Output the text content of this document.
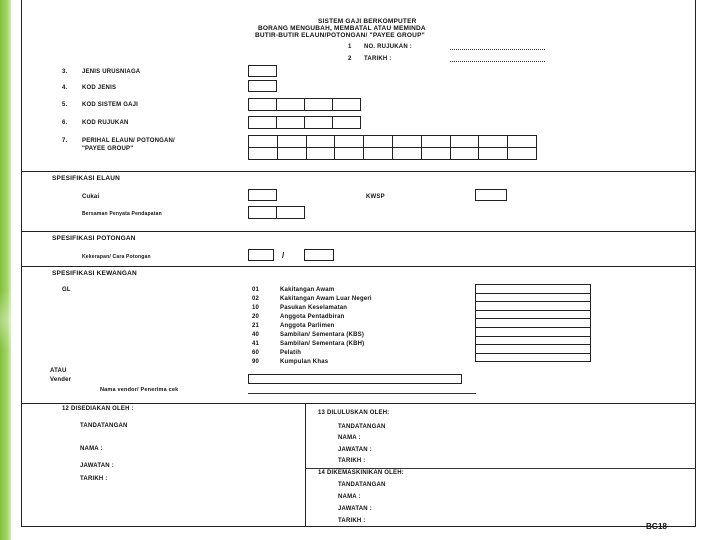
SISTEM GAJI BERKOMPUTER
BORANG MENGUBAH, MEMBATAL ATAU MEMINDA
BUTIR-BUTIR ELAUN/POTONGAN/ "PAYEE GROUP"
1 NO. RUJUKAN :
2 TARIKH :
3. JENIS URUSNIAGA
4. KOD JENIS
5. KOD SISTEM GAJI
6. KOD RUJUKAN
7. PERIHAL ELAUN/ POTONGAN/
"PAYEE GROUP"
SPESIFIKASI ELAUN
Cukai	KWSP
Bersaman Penyata Pendapatan
SPESIFIKASI POTONGAN
Kekerapan/ Cara Potongan	/
SPESIFIKASI KEWANGAN
GL	01	Kakitangan Awam
02	Kakitangan Awam Luar Negeri
10	Pasukan Keselamatan
20	Anggota Pentadbiran
21	Anggota Parlimen
40	Sambilan/ Sementara (KBS)
41	Sambilan/ Sementara (KBH)
60	Pelatih
90	Kumpulan Khas
ATAU
Vender
Nama vendor/ Penerima cek
12 DISEDIAKAN OLEH :
TANDATANGAN
NAMA :
JAWATAN :
TARIKH :
13 DILULUSKAN OLEH:
TANDATANGAN
NAMA :
JAWATAN :
TARIKH :
14 DIKEMASKINIKAN OLEH:
TANDATANGAN
NAMA :
JAWATAN :
TARIKH :
BG18
